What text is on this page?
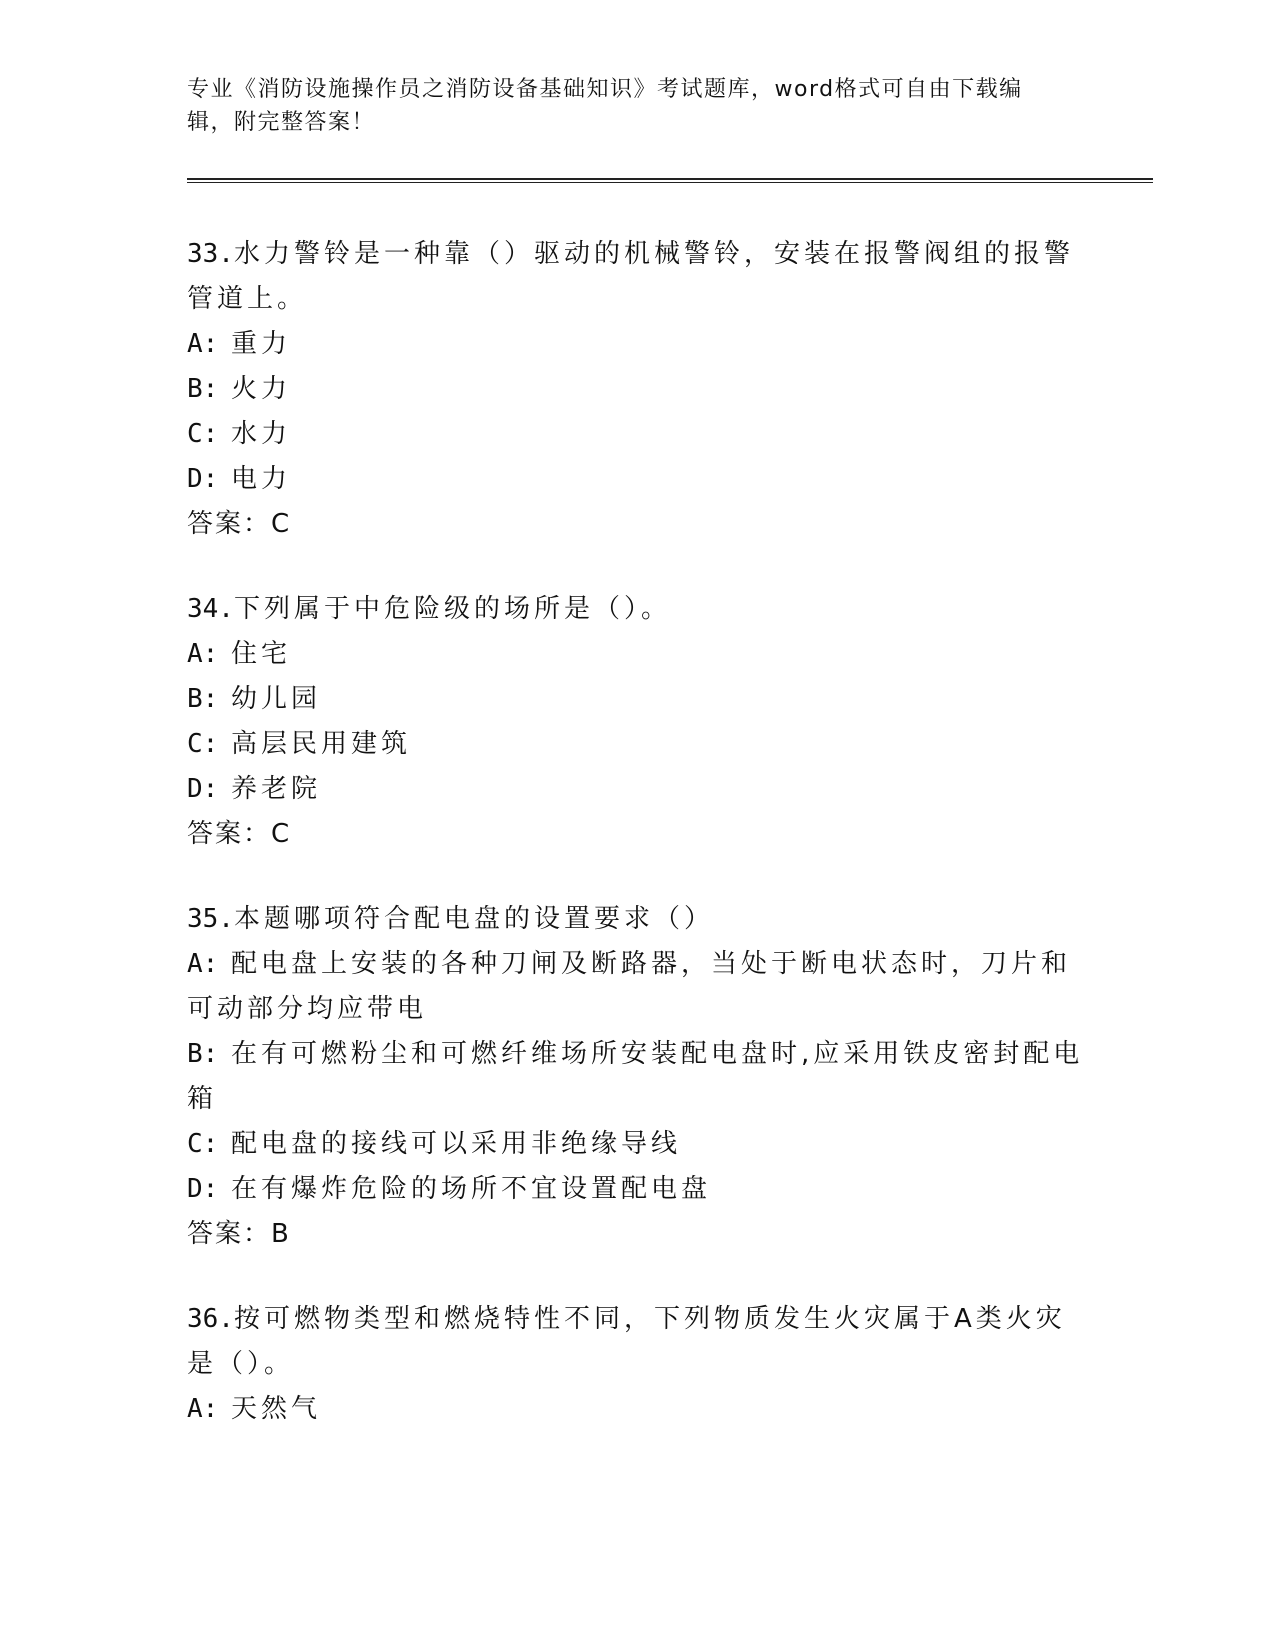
专业《消防设施操作员之消防设备基础知识》考试题库，word格式可自由下载编辑，附完整答案！
33.水力警铃是一种靠（）驱动的机械警铃，安装在报警阀组的报警管道上。
A: 重力
B: 火力
C: 水力
D: 电力
答案：C
34.下列属于中危险级的场所是（）。
A: 住宅
B: 幼儿园
C: 高层民用建筑
D: 养老院
答案：C
35.本题哪项符合配电盘的设置要求（）
A: 配电盘上安装的各种刀闸及断路器，当处于断电状态时，刀片和可动部分均应带电
B: 在有可燃粉尘和可燃纤维场所安装配电盘时,应采用铁皮密封配电箱
C: 配电盘的接线可以采用非绝缘导线
D: 在有爆炸危险的场所不宜设置配电盘
答案：B
36.按可燃物类型和燃烧特性不同，下列物质发生火灾属于A类火灾是（）。
A: 天然气
